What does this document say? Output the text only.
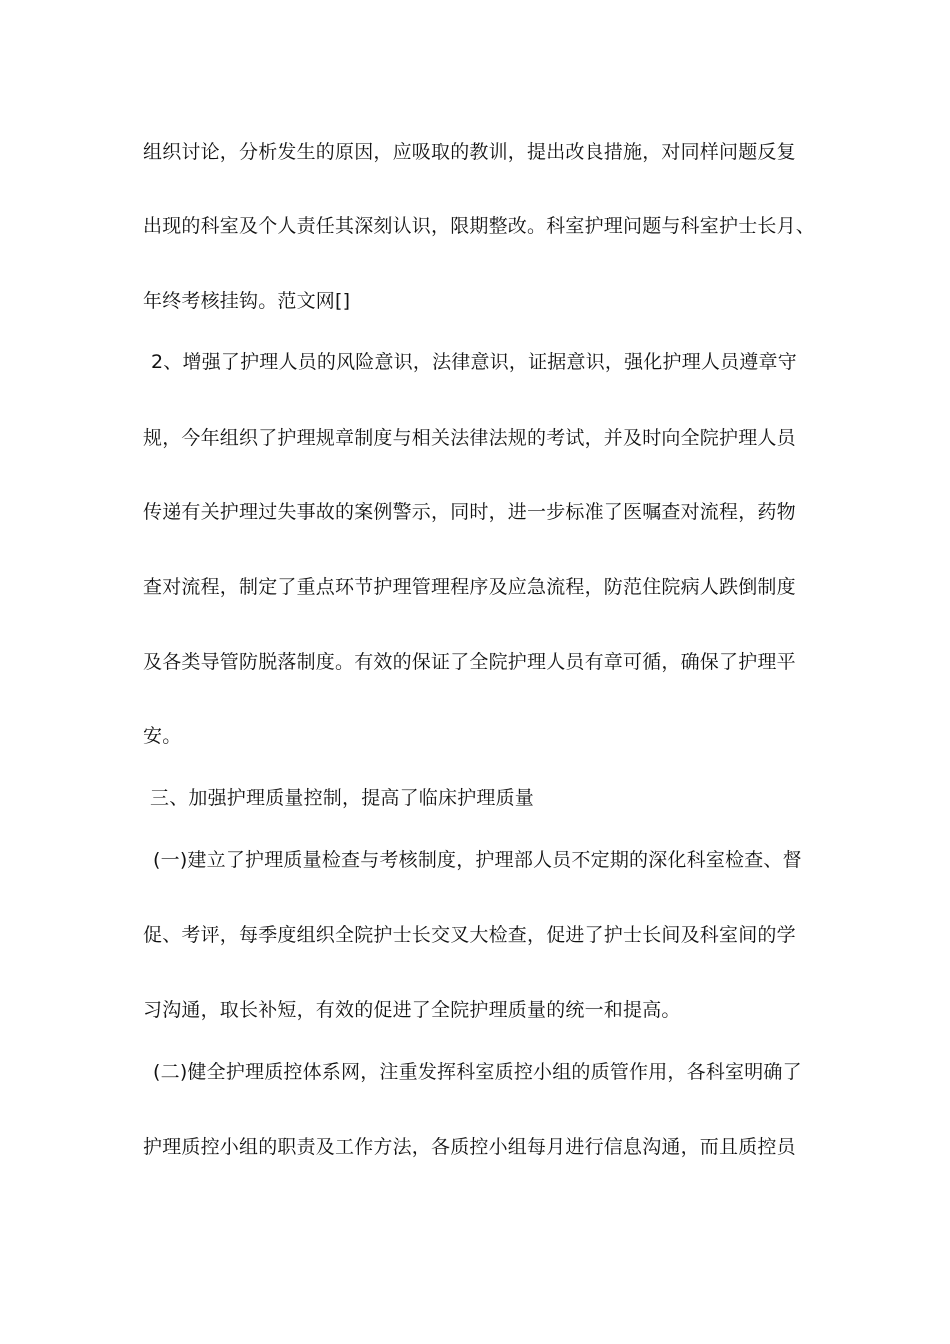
组织讨论，分析发生的原因，应吸取的教训，提出改良措施，对同样问题反复
出现的科室及个人责任其深刻认识，限期整改。科室护理问题与科室护士长月、
年终考核挂钩。范文网[]
2、增强了护理人员的风险意识，法律意识，证据意识，强化护理人员遵章守
规，今年组织了护理规章制度与相关法律法规的考试，并及时向全院护理人员
传递有关护理过失事故的案例警示，同时，进一步标准了医嘱查对流程，药物
查对流程，制定了重点环节护理管理程序及应急流程，防范住院病人跌倒制度
及各类导管防脱落制度。有效的保证了全院护理人员有章可循，确保了护理平
安。
三、加强护理质量控制，提高了临床护理质量
(一)建立了护理质量检查与考核制度，护理部人员不定期的深化科室检查、督
促、考评，每季度组织全院护士长交叉大检查，促进了护士长间及科室间的学
习沟通，取长补短，有效的促进了全院护理质量的统一和提高。
(二)健全护理质控体系网，注重发挥科室质控小组的质管作用，各科室明确了
护理质控小组的职责及工作方法，各质控小组每月进行信息沟通，而且质控员
